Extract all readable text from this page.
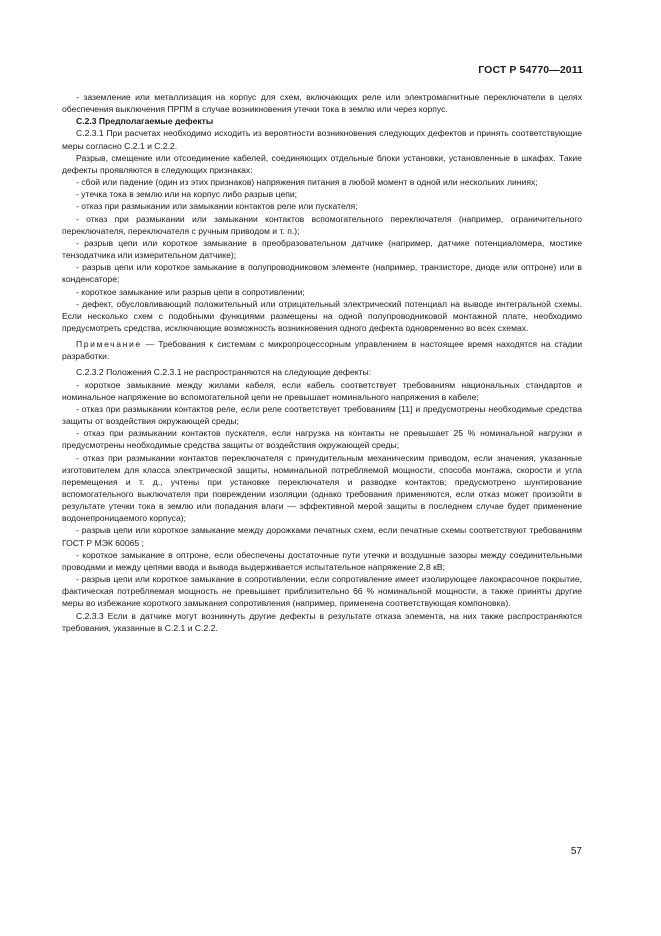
ГОСТ Р 54770—2011

- заземление или металлизация на корпус для схем, включающих реле или электромагнитные переключатели в целях обеспечения выключения ПРПМ в случае возникновения утечки тока в землю или через корпус.

С.2.3 Предполагаемые дефекты

С.2.3.1 При расчетах необходимо исходить из вероятности возникновения следующих дефектов и принять соответствующие меры согласно С.2.1 и С.2.2.

Разрыв, смещение или отсоединение кабелей, соединяющих отдельные блоки установки, установленные в шкафах. Такие дефекты проявляются в следующих признаках:

- сбой или падение (один из этих признаков) напряжения питания в любой момент в одной или нескольких линиях;

- утечка тока в землю или на корпус либо разрыв цепи;

- отказ при размыкании или замыкании контактов реле или пускателя;

- отказ при размыкании или замыкании контактов вспомогательного переключателя (например, ограничительного переключателя, переключателя с ручным приводом и т. п.);

- разрыв цепи или короткое замыкание в преобразовательном датчике (например, датчике потенциаломера, мостике тензодатчика или измерительном датчике);

- разрыв цепи или короткое замыкание в полупроводниковом элементе (например, транзисторе, диоде или оптроне) или в конденсаторе;

- короткое замыкание или разрыв цепи в сопротивлении;

- дефект, обусловливающий положительный или отрицательный электрический потенциал на выводе интегральной схемы. Если несколько схем с подобными функциями размещены на одной полупроводниковой монтажной плате, необходимо предусмотреть средства, исключающие возможность возникновения одного дефекта одновременно во всех схемах.

Примечание — Требования к системам с микропроцессорным управлением в настоящее время находятся на стадии разработки.

С.2.3.2 Положения С.2.3.1 не распространяются на следующие дефекты:

- короткое замыкание между жилами кабеля, если кабель соответствует требованиям национальных стандартов и номинальное напряжение во вспомогательной цепи не превышает номинального напряжения в кабеле;

- отказ при размыкании контактов реле, если реле соответствует требованиям [11] и предусмотрены необходимые средства защиты от воздействия окружающей среды;

- отказ при размыкании контактов пускателя, если нагрузка на контакты не превышает 25 % номинальной нагрузки и предусмотрены необходимые средства защиты от воздействия окружающей среды;

- отказ при размыкании контактов переключателя с принудительным механическим приводом, если значения, указанные изготовителем для класса электрической защиты, номинальной потребляемой мощности, способа монтажа, скорости и угла перемещения и т. д., учтены при установке переключателя и разводке контактов; предусмотрено шунтирование вспомогательного выключателя при повреждении изоляции (однако требования применяются, если отказ может произойти в результате утечки тока в землю или попадания влаги — эффективной мерой защиты в последнем случае будет применение водонепроницаемого корпуса);

- разрыв цепи или короткое замыкание между дорожками печатных схем, если печатные схемы соответствуют требованиям ГОСТ Р МЭК 60065 ;

- короткое замыкание в оптроне, если обеспечены достаточные пути утечки и воздушные зазоры между соединительными проводами и между цепями ввода и вывода выдерживается испытательное напряжение 2,8 кВ;

- разрыв цепи или короткое замыкание в сопротивлении, если сопротивление имеет изолирующее лакокрасочное покрытие, фактическая потребляемая мощность не превышает приблизительно 66 % номинальной мощности, а также приняты другие меры во избежание короткого замыкания сопротивления (например, применена соответствующая компоновка).

С.2.3.3 Если в датчике могут возникнуть другие дефекты в результате отказа элемента, на них также распространяются требования, указанные в С.2.1 и С.2.2.

57
